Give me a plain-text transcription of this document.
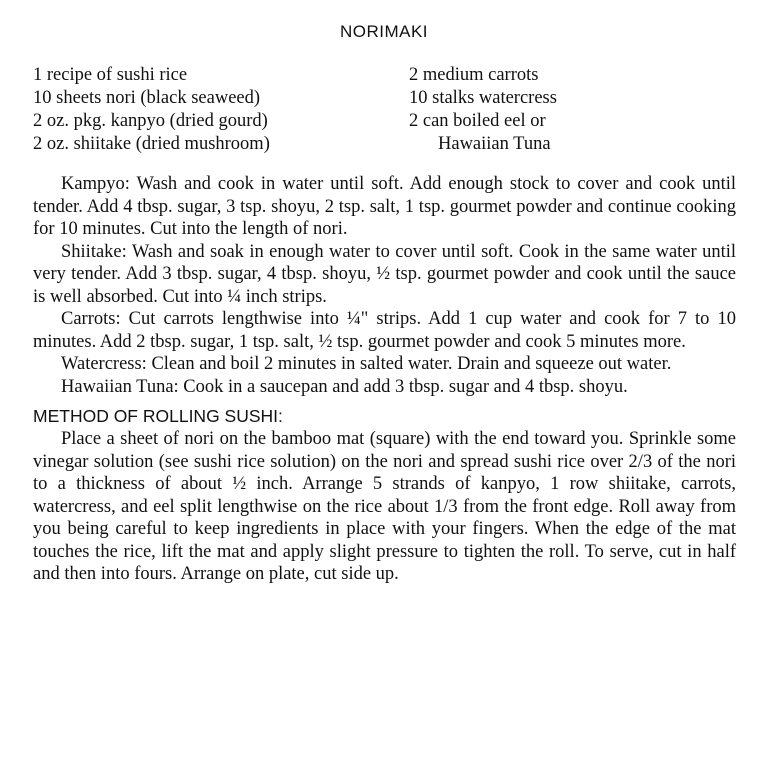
NORIMAKI
1 recipe of sushi rice
10 sheets nori (black seaweed)
2 oz. pkg. kanpyo (dried gourd)
2 oz. shiitake (dried mushroom)
2 medium carrots
10 stalks watercress
2 can boiled eel or
Hawaiian Tuna

Kampyo: Wash and cook in water until soft. Add enough stock to cover and cook until tender. Add 4 tbsp. sugar, 3 tsp. shoyu, 2 tsp. salt, 1 tsp. gourmet powder and continue cooking for 10 minutes. Cut into the length of nori.

Shiitake: Wash and soak in enough water to cover until soft. Cook in the same water until very tender. Add 3 tbsp. sugar, 4 tbsp. shoyu, ½ tsp. gourmet powder and cook until the sauce is well absorbed. Cut into ¼ inch strips.

Carrots: Cut carrots lengthwise into ¼" strips. Add 1 cup water and cook for 7 to 10 minutes. Add 2 tbsp. sugar, 1 tsp. salt, ½ tsp. gourmet powder and cook 5 minutes more.

Watercress: Clean and boil 2 minutes in salted water. Drain and squeeze out water.

Hawaiian Tuna: Cook in a saucepan and add 3 tbsp. sugar and 4 tbsp. shoyu.

METHOD OF ROLLING SUSHI:

Place a sheet of nori on the bamboo mat (square) with the end toward you. Sprinkle some vinegar solution (see sushi rice solution) on the nori and spread sushi rice over 2/3 of the nori to a thickness of about ½ inch. Arrange 5 strands of kanpyo, 1 row shiitake, carrots, watercress, and eel split lengthwise on the rice about 1/3 from the front edge. Roll away from you being careful to keep ingredients in place with your fingers. When the edge of the mat touches the rice, lift the mat and apply slight pressure to tighten the roll. To serve, cut in half and then into fours. Arrange on plate, cut side up.
